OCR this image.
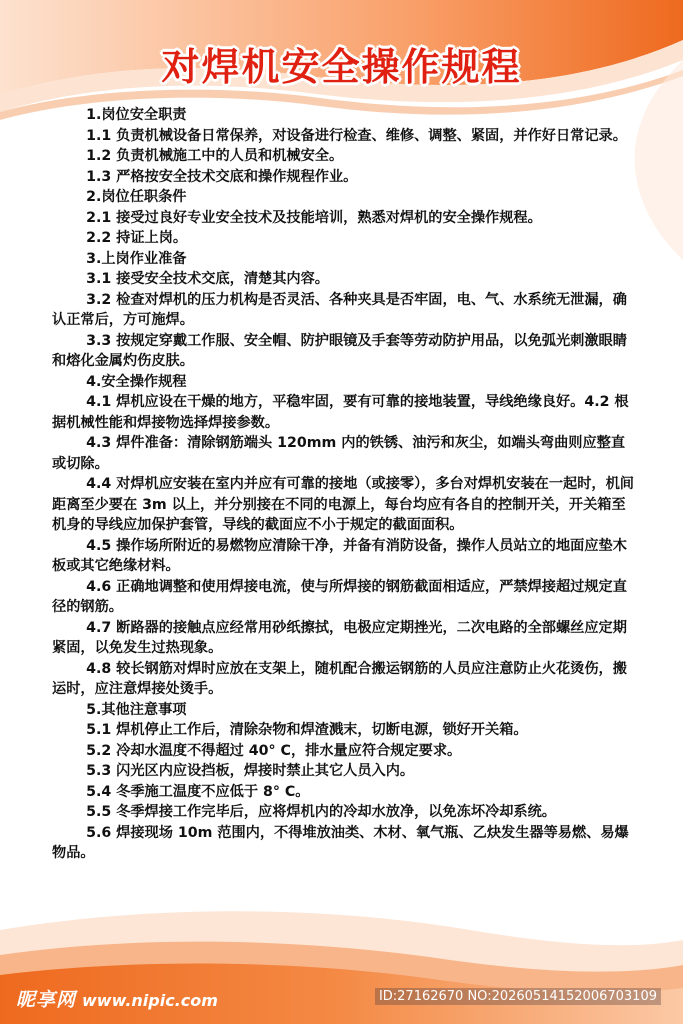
对焊机安全操作规程

1.岗位安全职责

1.1 负责机械设备日常保养，对设备进行检查、维修、调整、紧固，并作好日常记录。

1.2 负责机械施工中的人员和机械安全。

1.3 严格按安全技术交底和操作规程作业。

2.岗位任职条件

2.1 接受过良好专业安全技术及技能培训，熟悉对焊机的安全操作规程。

2.2 持证上岗。

3.上岗作业准备

3.1 接受安全技术交底，清楚其内容。

3.2 检查对焊机的压力机构是否灵活、各种夹具是否牢固，电、气、水系统无泄漏，确认正常后，方可施焊。

3.3 按规定穿戴工作服、安全帽、防护眼镜及手套等劳动防护用品，以免弧光刺激眼睛和熔化金属灼伤皮肤。

4.安全操作规程

4.1 焊机应设在干燥的地方，平稳牢固，要有可靠的接地装置，导线绝缘良好。4.2 根据机械性能和焊接物选择焊接参数。

4.3 焊件准备：清除钢筋端头 120mm 内的铁锈、油污和灰尘，如端头弯曲则应整直或切除。

4.4 对焊机应安装在室内并应有可靠的接地（或接零），多台对焊机安装在一起时，机间距离至少要在 3m 以上，并分别接在不同的电源上，每台均应有各自的控制开关，开关箱至机身的导线应加保护套管，导线的截面应不小于规定的截面面积。

4.5 操作场所附近的易燃物应清除干净，并备有消防设备，操作人员站立的地面应垫木板或其它绝缘材料。

4.6 正确地调整和使用焊接电流，使与所焊接的钢筋截面相适应，严禁焊接超过规定直径的钢筋。

4.7 断路器的接触点应经常用砂纸擦拭，电极应定期挫光，二次电路的全部螺丝应定期紧固，以免发生过热现象。

4.8 较长钢筋对焊时应放在支架上，随机配合搬运钢筋的人员应注意防止火花烫伤，搬运时，应注意焊接处烫手。

5.其他注意事项

5.1 焊机停止工作后，清除杂物和焊渣溅末，切断电源，锁好开关箱。

5.2 冷却水温度不得超过 40° C，排水量应符合规定要求。

5.3 闪光区内应设挡板，焊接时禁止其它人员入内。

5.4 冬季施工温度不应低于 8° C。

5.5 冬季焊接工作完毕后，应将焊机内的冷却水放净，以免冻坏冷却系统。

5.6 焊接现场 10m 范围内，不得堆放油类、木材、氧气瓶、乙炔发生器等易燃、易爆物品。

昵享网 www.nipic.com	ID:27162670 NO:20260514152006703109
